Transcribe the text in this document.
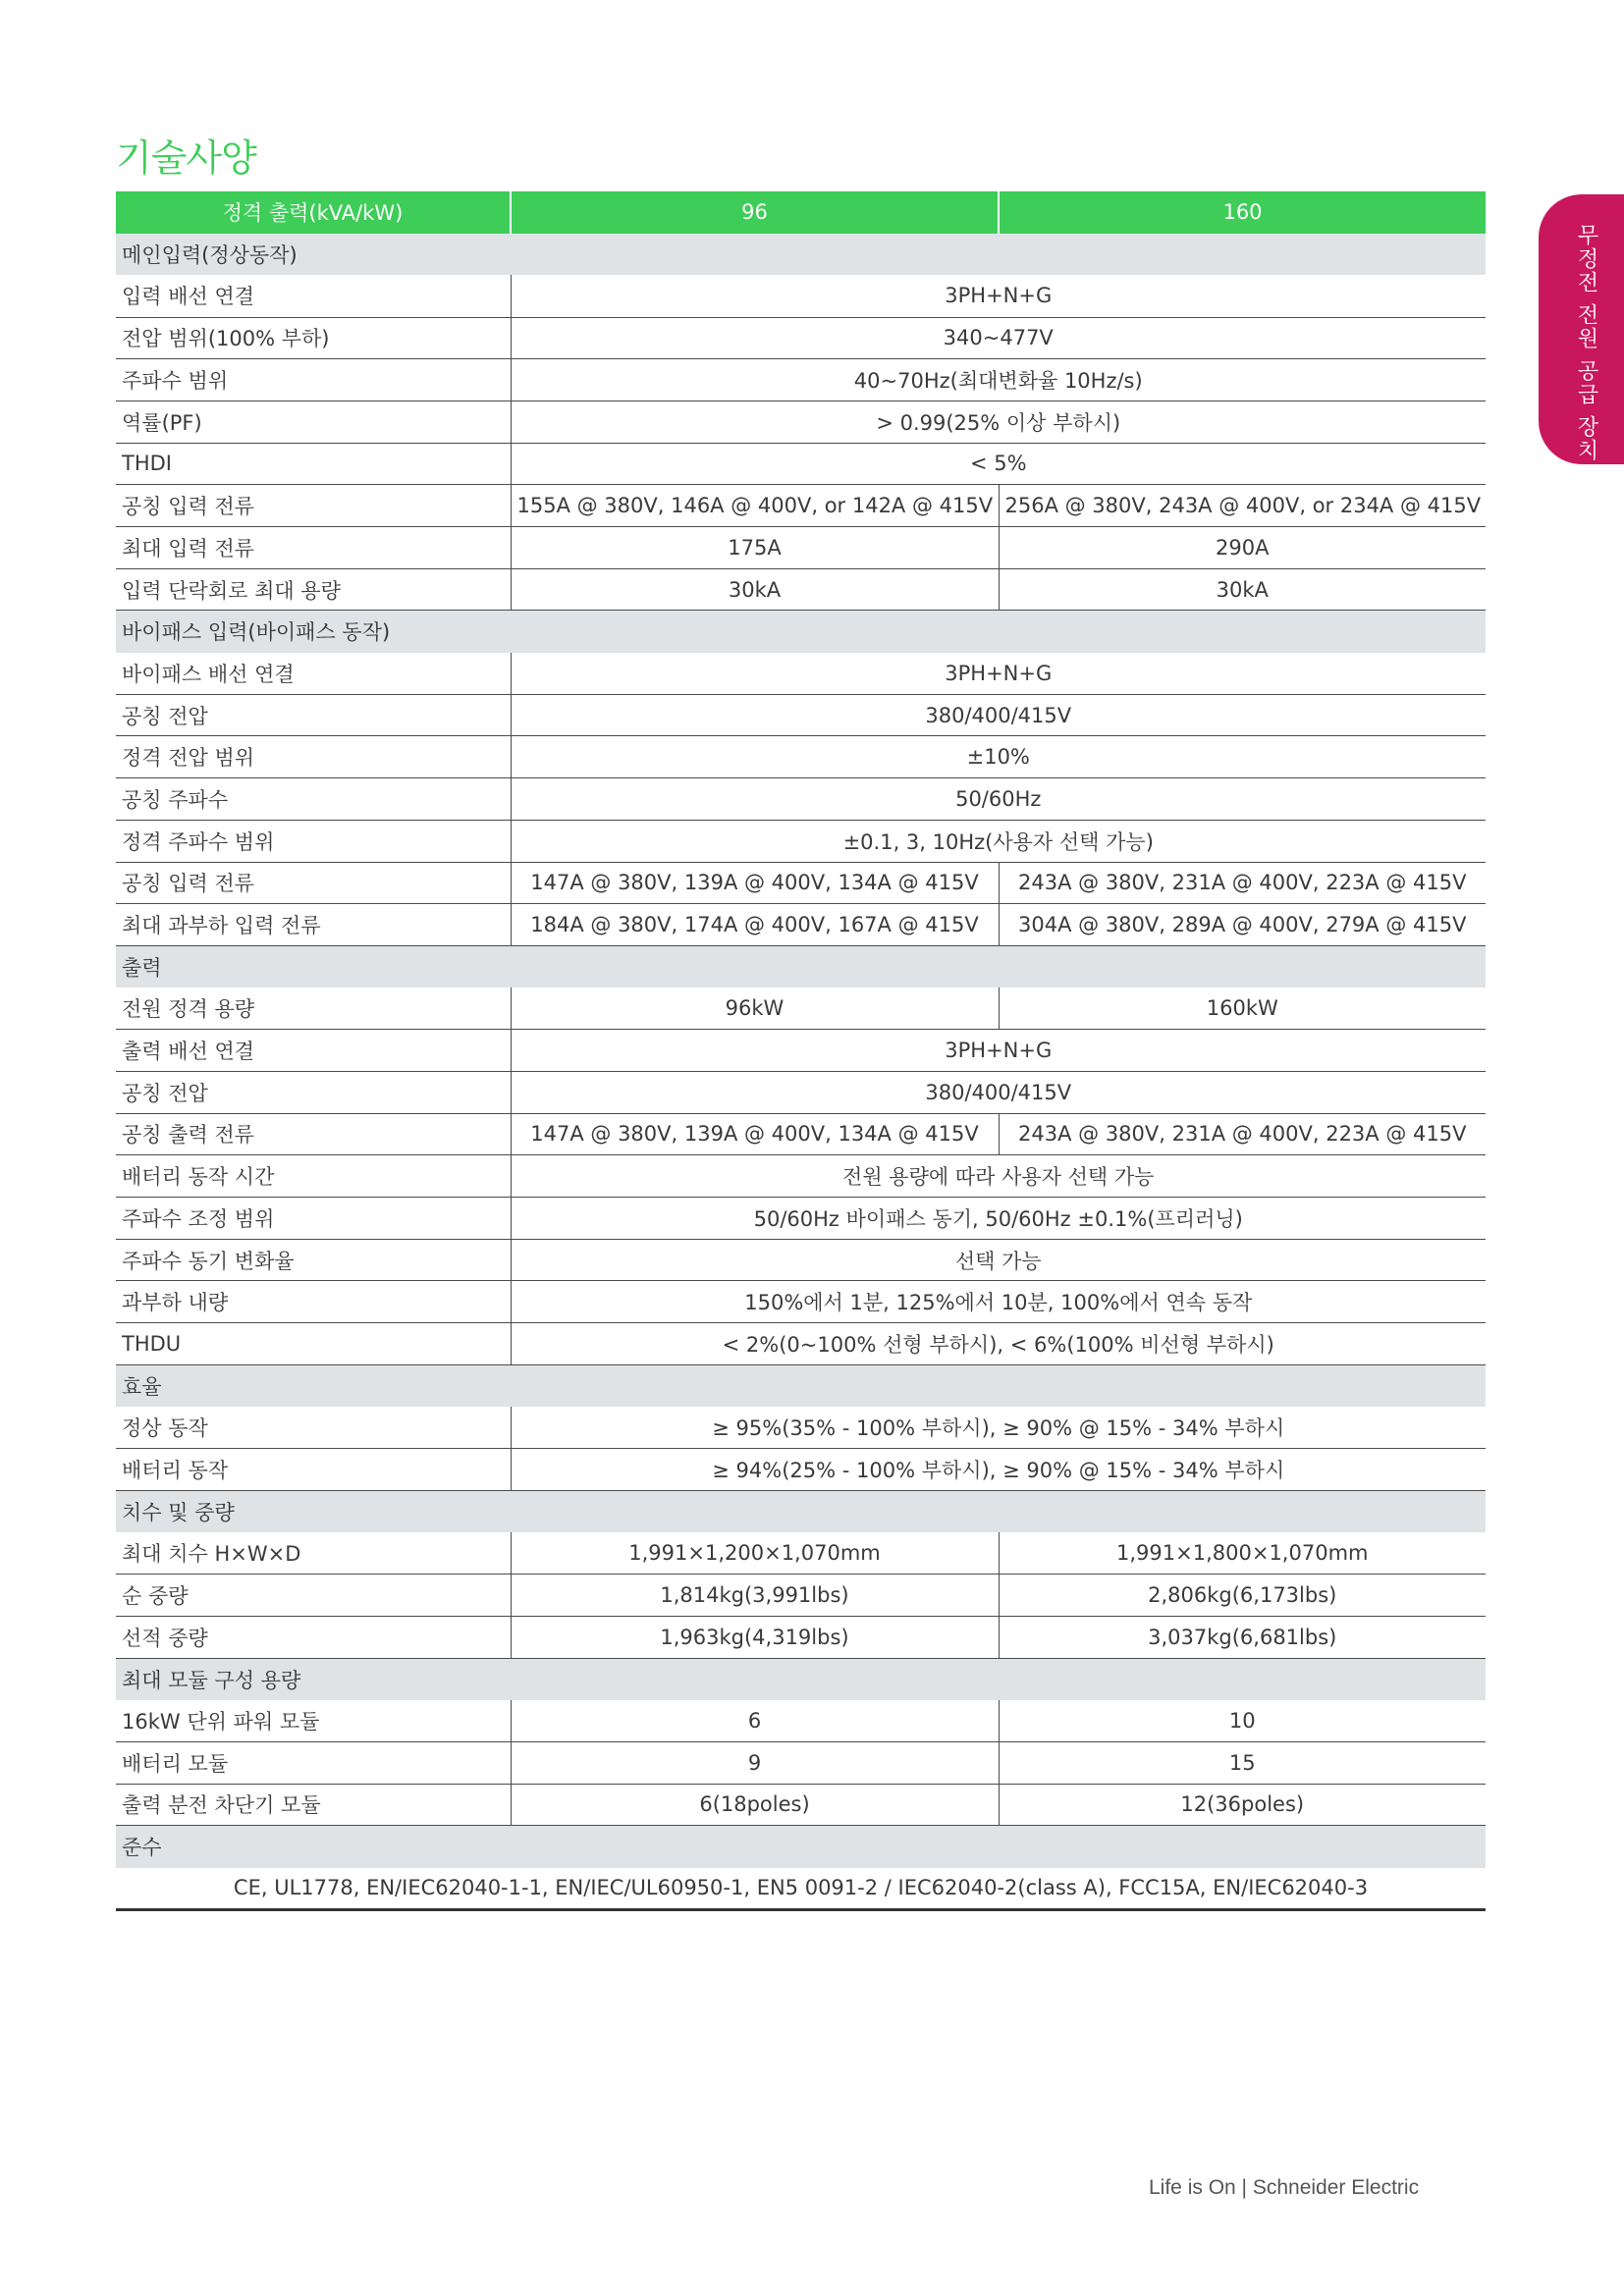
기술사양
무정전 전원 공급 장치
정격 출력(kVA/kW)	96	160
메인입력(정상동작)		
입력 배선 연결	3PH+N+G	
전압 범위(100% 부하)	340~477V	
주파수 범위	40~70Hz(최대변화율 10Hz/s)	
역률(PF)	> 0.99(25% 이상 부하시)	
THDI	< 5%	
공칭 입력 전류	155A @ 380V, 146A @ 400V, or 142A @ 415V	256A @ 380V, 243A @ 400V, or 234A @ 415V
최대 입력 전류	175A	290A
입력 단락회로 최대 용량	30kA	30kA
바이패스 입력(바이패스 동작)		
바이패스 배선 연결	3PH+N+G	
공칭 전압	380/400/415V	
정격 전압 범위	±10%	
공칭 주파수	50/60Hz	
정격 주파수 범위	±0.1, 3, 10Hz(사용자 선택 가능)	
공칭 입력 전류	147A @ 380V, 139A @ 400V, 134A @ 415V	243A @ 380V, 231A @ 400V, 223A @ 415V
최대 과부하 입력 전류	184A @ 380V, 174A @ 400V, 167A @ 415V	304A @ 380V, 289A @ 400V, 279A @ 415V
출력		
전원 정격 용량	96kW	160kW
출력 배선 연결	3PH+N+G	
공칭 전압	380/400/415V	
공칭 출력 전류	147A @ 380V, 139A @ 400V, 134A @ 415V	243A @ 380V, 231A @ 400V, 223A @ 415V
배터리 동작 시간	전원 용량에 따라 사용자 선택 가능	
주파수 조정 범위	50/60Hz 바이패스 동기, 50/60Hz ±0.1%(프리러닝)	
주파수 동기 변화율	선택 가능	
과부하 내량	150%에서 1분, 125%에서 10분, 100%에서 연속 동작	
THDU	< 2%(0~100% 선형 부하시), < 6%(100% 비선형 부하시)	
효율		
정상 동작	≥ 95%(35% - 100% 부하시), ≥ 90% @ 15% - 34% 부하시	
배터리 동작	≥ 94%(25% - 100% 부하시), ≥ 90% @ 15% - 34% 부하시	
치수 및 중량		
최대 치수 H×W×D	1,991×1,200×1,070mm	1,991×1,800×1,070mm
순 중량	1,814kg(3,991lbs)	2,806kg(6,173lbs)
선적 중량	1,963kg(4,319lbs)	3,037kg(6,681lbs)
최대 모듈 구성 용량		
16kW 단위 파워 모듈	6	10
배터리 모듈	9	15
출력 분전 차단기 모듈	6(18poles)	12(36poles)
준수		
CE, UL1778, EN/IEC62040-1-1, EN/IEC/UL60950-1, EN5 0091-2 / IEC62040-2(class A), FCC15A, EN/IEC62040-3		
Life is On | Schneider Electric
